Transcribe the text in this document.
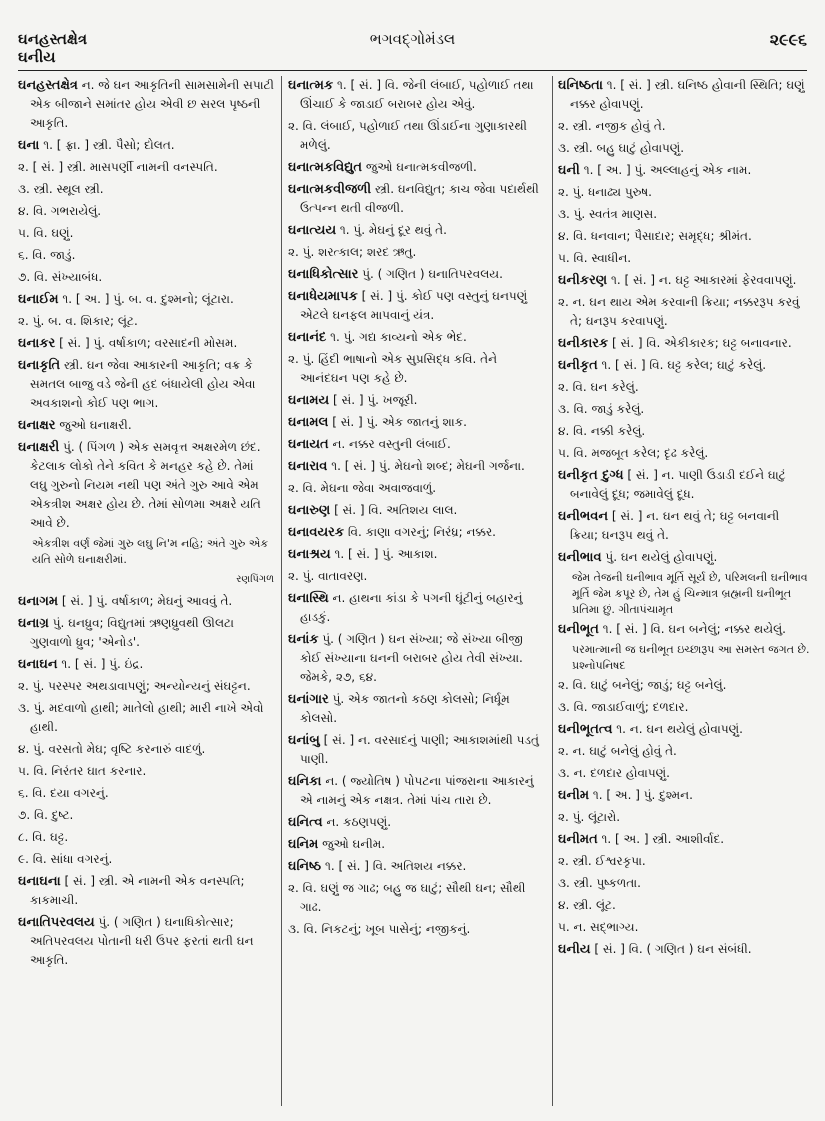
ઘનહસ્તક્ષેત્ર
ઘનીય
ભગવદ્ગોમંડલ	૨૯૯૬
ઘનહસ્તક્ષેત્ર ન. જે ઘન આકૃતિની સામસામેની સપાટી એક બીજાને સમાંતર હોય એવી છ સરલ પૃષ્ઠની આકૃતિ.
ઘના ૧. [ ફ્રા. ] સ્ત્રી. પૈસો; દોલત.
૨. [ સં. ] સ્ત્રી. માસપર્ણી નામની વનસ્પતિ.
૩. સ્ત્રી. સ્થૂલ સ્ત્રી.
૪. વિ. ગભરાયેલું.
૫. વિ. ઘણું.
૬. વિ. જાડું.
૭. વિ. સંખ્યાબંધ.
ઘનાઈમ ૧. [ અ. ] પું. બ. વ. દુશ્મનો; લૂંટારા.
૨. પું. બ. વ. શિકાર; લૂંટ.
ઘનાકર [ સં. ] પું. વર્ષાકાળ; વરસાદની મોસમ.
ઘનાકૃતિ સ્ત્રી. ઘન જેવા આકારની આકૃતિ; વક્ર કે સમતલ બાજુ વડે જેની હદ બંધાયેલી હોય એવા અવકાશનો કોઈ પણ ભાગ.
ઘનાક્ષર જુઓ ઘનાક્ષરી.
ઘનાક્ષરી પું. ( પિંગળ ) એક સમવૃત્ત અક્ષરમેળ છંદ. કેટલાક લોકો તેને કવિત કે મનહર કહે છે. તેમાં લઘુ ગુરુનો નિયમ નથી પણ અંતે ગુરુ આવે એમ એકત્રીશ અક્ષર હોય છે. તેમાં સોળમા અક્ષરે યતિ આવે છે.
એકત્રીશ વર્ણ જેમાં ગુરુ લઘુ નિ'મ નહિ; અંતે ગુરુ એક યતિ સોળે ઘનાક્ષરીમાં.
રણપિંગળ
ઘનાગમ [ સં. ] પું. વર્ષાકાળ; મેઘનું આવવું તે.
ઘનાગ્ર પું. ઘનધ્રુવ; વિદ્યુતમાં ઋણધ્રુવથી ઊલટા ગુણવાળો ધ્રુવ; 'એનોડ'.
ઘનાઘન ૧. [ સં. ] પું. ઇંદ્ર.
૨. પું. પરસ્પર અથડાવાપણું; અન્યોન્યનું સંઘટ્ટન.
૩. પું. મદવાળો હાથી; માતેલો હાથી; મારી નાખે એવો હાથી.
૪. પું. વરસતો મેઘ; વૃષ્ટિ કરનારું વાદળું.
૫. વિ. નિરંતર ઘાત કરનાર.
૬. વિ. દયા વગરનું.
૭. વિ. દુષ્ટ.
૮. વિ. ઘટ્ટ.
૯. વિ. સાંધા વગરનું.
ઘનાઘના [ સં. ] સ્ત્રી. એ નામની એક વનસ્પતિ; કાકમાચી.
ઘનાતિપરવલય પું. ( ગણિત ) ઘનાધિકોત્સાર; અતિપરવલય પોતાની ધરી ઉપર ફરતાં થતી ઘન આકૃતિ.
ઘનાત્મક ૧. [ સં. ] વિ. જેની લંબાઈ, પહોળાઈ તથા ઊંચાઈ કે જાડાઈ બરાબર હોય એવું.
૨. વિ. લંબાઈ, પહોળાઈ તથા ઊંડાઈના ગુણાકારથી મળેલું.
ઘનાત્મકવિદ્યુત જુઓ ઘનાત્મકવીજળી.
ઘનાત્મકવીજળી સ્ત્રી. ઘનવિદ્યુત; કાચ જેવા પદાર્થથી ઉત્પન્ન થતી વીજળી.
ઘનાત્યય ૧. પું. મેઘનું દૂર થવું તે.
૨. પું. શરત્કાલ; શરદ ઋતુ.
ઘનાધિકોત્સાર પું. ( ગણિત ) ઘનાતિપરવલય.
ઘનાધેયમાપક [ સં. ] પું. કોઈ પણ વસ્તુનું ઘનપણું એટલે ઘનફલ માપવાનું યંત્ર.
ઘનાનંદ ૧. પું. ગદ્ય કાવ્યનો એક ભેદ.
૨. પું. હિંદી ભાષાનો એક સુપ્રસિદ્ધ કવિ. તેને આનંદઘન પણ કહે છે.
ઘનામય [ સં. ] પું. ખજૂરી.
ઘનામલ [ સં. ] પું. એક જાતનું શાક.
ઘનાયત ન. નક્કર વસ્તુની લંબાઈ.
ઘનારાવ ૧. [ સં. ] પું. મેઘનો શબ્દ; મેઘની ગર્જના.
૨. વિ. મેઘના જેવા અવાજવાળું.
ઘનારુણ [ સં. ] વિ. અતિશય લાલ.
ઘનાવયરક વિ. કાણા વગરનું; નિરંધ્ર; નક્કર.
ઘનાશ્રય ૧. [ સં. ] પું. આકાશ.
૨. પું. વાતાવરણ.
ઘનાસ્થિ ન. હાથના કાંડા કે પગની ઘૂંટીનું બહારનું હાડકું.
ઘનાંક પું. ( ગણિત ) ઘન સંખ્યા; જે સંખ્યા બીજી કોઈ સંખ્યાના ઘનની બરાબર હોય તેવી સંખ્યા. જેમકે, ૨૭, ૬૪.
ઘનાંગાર પું. એક જાતનો કઠણ કોલસો; નિર્ધૂમ કોલસો.
ઘનાંબુ [ સં. ] ન. વરસાદનું પાણી; આકાશમાંથી પડતું પાણી.
ઘનિકા ન. ( જ્યોતિષ ) પોપટના પાંજરાના આકારનું એ નામનું એક નક્ષત્ર. તેમાં પાંચ તારા છે.
ઘનિત્વ ન. કઠણપણું.
ઘનિમ જુઓ ઘનીમ.
ઘનિષ્ઠ ૧. [ સં. ] વિ. અતિશય નક્કર.
૨. વિ. ઘણું જ ગાઢ; બહુ જ ઘાટું; સૌથી ઘન; સૌથી ગાઢ.
૩. વિ. નિકટનું; ખૂબ પાસેનું; નજીકનું.
ઘનિષ્ઠતા ૧. [ સં. ] સ્ત્રી. ઘનિષ્ઠ હોવાની સ્થિતિ; ઘણું નક્કર હોવાપણું.
૨. સ્ત્રી. નજીક હોવું તે.
૩. સ્ત્રી. બહુ ઘાટું હોવાપણું.
ઘની ૧. [ અ. ] પું. અલ્લાહનું એક નામ.
૨. પું. ધનાઢ્ય પુરુષ.
૩. પું. સ્વતંત્ર માણસ.
૪. વિ. ધનવાન; પૈસાદાર; સમૃદ્ધ; શ્રીમંત.
૫. વિ. સ્વાધીન.
ઘનીકરણ ૧. [ સં. ] ન. ઘટ્ટ આકારમાં ફેરવવાપણું.
૨. ન. ઘન થાય એમ કરવાની ક્રિયા; નક્કરરૂપ કરવું તે; ઘનરૂપ કરવાપણું.
ઘનીકારક [ સં. ] વિ. એકીકારક; ઘટ્ટ બનાવનાર.
ઘનીકૃત ૧. [ સં. ] વિ. ઘટ્ટ કરેલ; ઘાટું કરેલું.
૨. વિ. ઘન કરેલું.
૩. વિ. જાડું કરેલું.
૪. વિ. નક્કી કરેલું.
૫. વિ. મજબૂત કરેલ; દૃઢ કરેલું.
ઘનીકૃત દુગ્ધ [ સં. ] ન. પાણી ઉડાડી દઈને ઘાટું બનાવેલું દૂધ; જમાવેલું દૂધ.
ઘનીભવન [ સં. ] ન. ઘન થવું તે; ઘટ્ટ બનવાની ક્રિયા; ઘનરૂપ થવું તે.
ઘનીભાવ પું. ઘન થયેલું હોવાપણું.
જેમ તેજની ઘનીભાવ મૂર્તિ સૂર્ય છે, પરિમલની ઘનીભાવ મૂર્તિ જેમ કપૂર છે, તેમ હું ચિન્માત્ર બ્રહ્મની ઘનીભૂત પ્રતિમા છું. ગીતાપંચામૃત
ઘનીભૂત ૧. [ સં. ] વિ. ઘન બનેલું; નક્કર થયેલું.
પરમાત્માની જ ઘનીભૂત ઇચ્છારૂપ આ સમસ્ત જગત છે. પ્રશ્નોપનિષદ
૨. વિ. ઘાટું બનેલું; જાડું; ઘટ્ટ બનેલું.
૩. વિ. જાડાઈવાળું; દળદાર.
ઘનીભૂતત્વ ૧. ન. ઘન થયેલું હોવાપણું.
૨. ન. ઘાટું બનેલું હોવું તે.
૩. ન. દળદાર હોવાપણું.
ઘનીમ ૧. [ અ. ] પું. દુશ્મન.
૨. પું. લૂંટારો.
ઘનીમત ૧. [ અ. ] સ્ત્રી. આશીર્વાદ.
૨. સ્ત્રી. ઈશ્વરકૃપા.
૩. સ્ત્રી. પુષ્કળતા.
૪. સ્ત્રી. લૂંટ.
૫. ન. સદ્ભાગ્ય.
ઘનીય [ સં. ] વિ. ( ગણિત ) ઘન સંબંધી.
